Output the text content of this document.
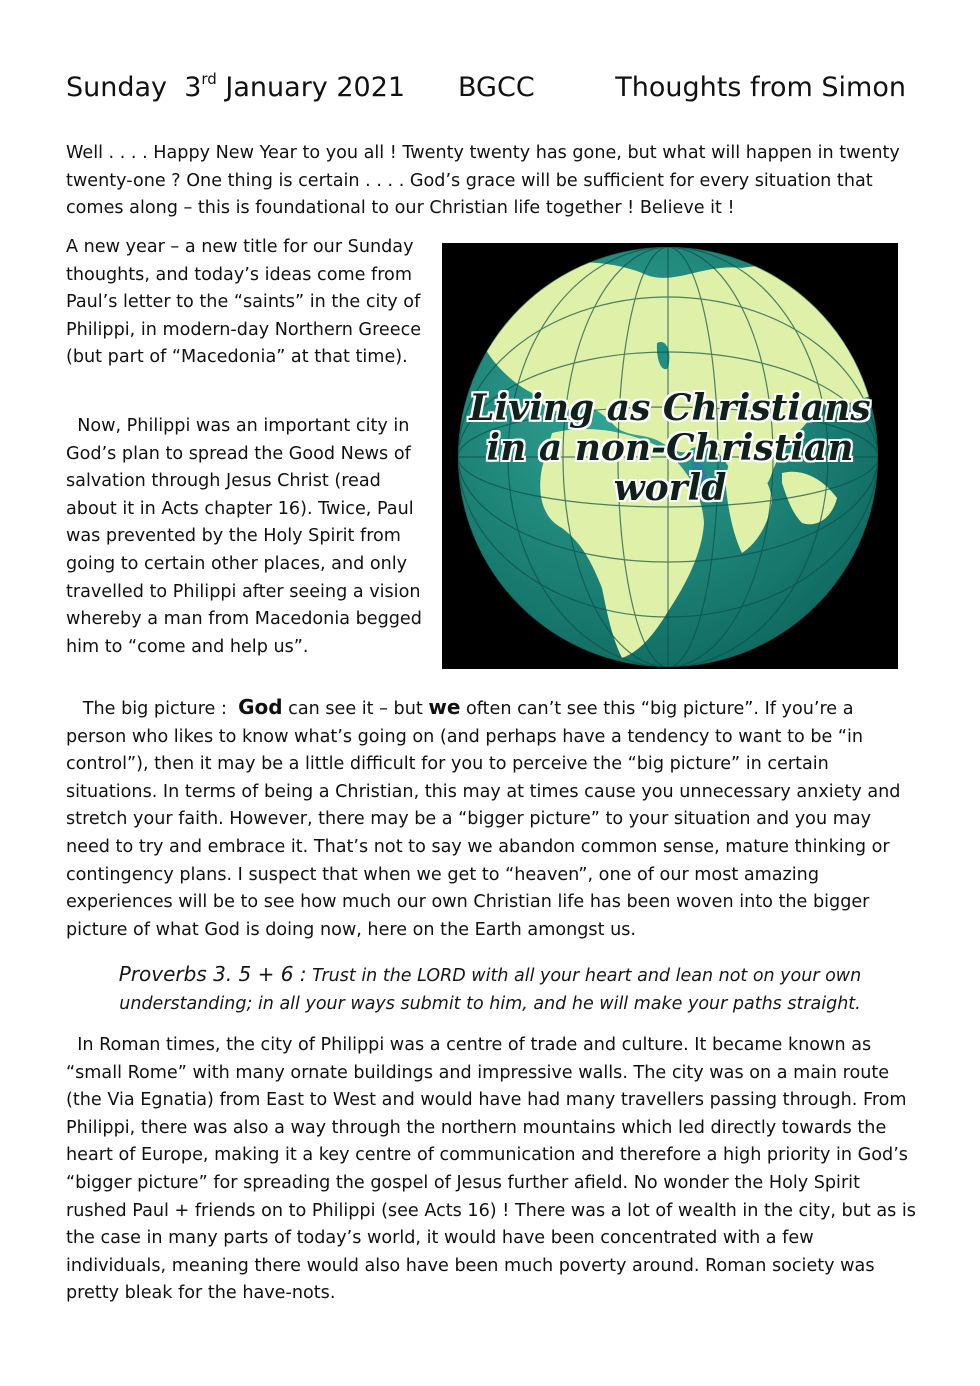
Sunday 3rd January 2021 BGCC	Thoughts from Simon

Well . . . . Happy New Year to you all ! Twenty twenty has gone, but what will happen in twenty twenty-one ? One thing is certain . . . . God’s grace will be sufficient for every situation that comes along – this is foundational to our Christian life together ! Believe it !

A new year – a new title for our Sunday thoughts, and today’s ideas come from Paul’s letter to the “saints” in the city of Philippi, in modern-day Northern Greece (but part of “Macedonia” at that time).

Now, Philippi was an important city in God’s plan to spread the Good News of salvation through Jesus Christ (read about it in Acts chapter 16). Twice, Paul was prevented by the Holy Spirit from going to certain other places, and only travelled to Philippi after seeing a vision whereby a man from Macedonia begged him to “come and help us”.

Living as Christians
in a non-Christian
world

The big picture : God can see it – but we often can’t see this “big picture”. If you’re a person who likes to know what’s going on (and perhaps have a tendency to want to be “in control”), then it may be a little difficult for you to perceive the “big picture” in certain situations. In terms of being a Christian, this may at times cause you unnecessary anxiety and stretch your faith. However, there may be a “bigger picture” to your situation and you may need to try and embrace it. That’s not to say we abandon common sense, mature thinking or contingency plans. I suspect that when we get to “heaven”, one of our most amazing experiences will be to see how much our own Christian life has been woven into the bigger picture of what God is doing now, here on the Earth amongst us.

Proverbs 3. 5 + 6 : Trust in the LORD with all your heart and lean not on your own understanding; in all your ways submit to him, and he will make your paths straight.

In Roman times, the city of Philippi was a centre of trade and culture. It became known as “small Rome” with many ornate buildings and impressive walls. The city was on a main route (the Via Egnatia) from East to West and would have had many travellers passing through. From Philippi, there was also a way through the northern mountains which led directly towards the heart of Europe, making it a key centre of communication and therefore a high priority in God’s “bigger picture” for spreading the gospel of Jesus further afield. No wonder the Holy Spirit rushed Paul + friends on to Philippi (see Acts 16) ! There was a lot of wealth in the city, but as is the case in many parts of today’s world, it would have been concentrated with a few individuals, meaning there would also have been much poverty around. Roman society was pretty bleak for the have-nots.
